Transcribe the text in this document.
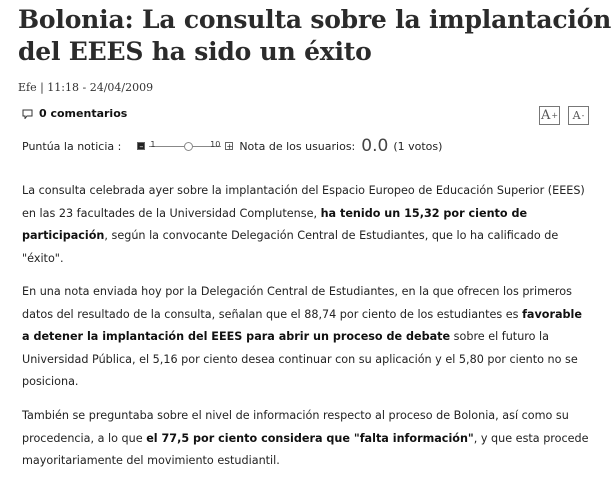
Bolonia: La consulta sobre la implantación
del EEES ha sido un éxito
Efe | 11:18 - 24/04/2009
0 comentarios	A + A -
Puntúa la noticia : – 1	10 + Nota de los usuarios: 0.0 (1 votos)

La consulta celebrada ayer sobre la implantación del Espacio Europeo de Educación Superior (EEES) en las 23 facultades de la Universidad Complutense, ha tenido un 15,32 por ciento de participación, según la convocante Delegación Central de Estudiantes, que lo ha calificado de "éxito".

En una nota enviada hoy por la Delegación Central de Estudiantes, en la que ofrecen los primeros datos del resultado de la consulta, señalan que el 88,74 por ciento de los estudiantes es favorable a detener la implantación del EEES para abrir un proceso de debate sobre el futuro la Universidad Pública, el 5,16 por ciento desea continuar con su aplicación y el 5,80 por ciento no se posiciona.

También se preguntaba sobre el nivel de información respecto al proceso de Bolonia, así como su procedencia, a lo que el 77,5 por ciento considera que "falta información", y que esta procede mayoritariamente del movimiento estudiantil.
